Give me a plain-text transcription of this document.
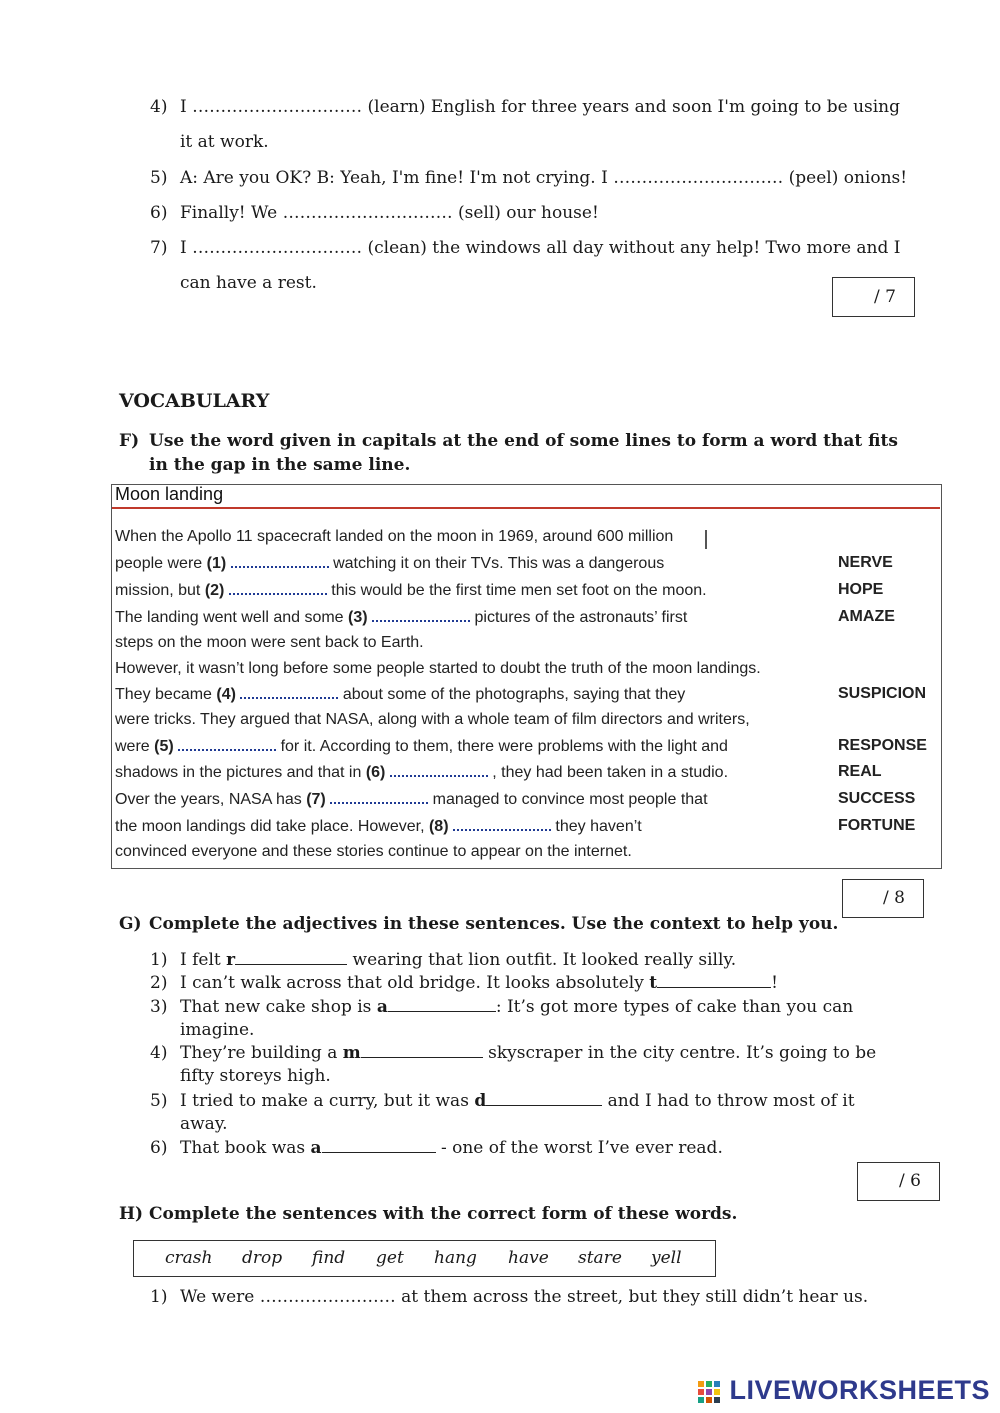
4) I ………………………… (learn) English for three years and soon I'm going to be using
it at work.
5) A: Are you OK? B: Yeah, I'm fine! I'm not crying. I ………………………… (peel) onions!
6) Finally! We ………………………… (sell) our house!
7) I ………………………… (clean) the windows all day without any help! Two more and I
can have a rest.
/ 7
VOCABULARY
F) Use the word given in capitals at the end of some lines to form a word that fits
in the gap in the same line.
Moon landing
When the Apollo 11 spacecraft landed on the moon in 1969, around 600 million
people were (1)	watching it on their TVs. This was a dangerous	NERVE
mission, but (2)	this would be the first time men set foot on the moon.	HOPE
The landing went well and some (3)	pictures of the astronauts’ first	AMAZE
steps on the moon were sent back to Earth.
However, it wasn’t long before some people started to doubt the truth of the moon landings.
They became (4)	about some of the photographs, saying that they	SUSPICION
were tricks. They argued that NASA, along with a whole team of film directors and writers,
were (5)	for it. According to them, there were problems with the light and	RESPONSE
shadows in the pictures and that in (6)	, they had been taken in a studio.	REAL
Over the years, NASA has (7)	managed to convince most people that	SUCCESS
the moon landings did take place. However, (8)	they haven’t	FORTUNE
convinced everyone and these stories continue to appear on the internet.
/ 8
G) Complete the adjectives in these sentences. Use the context to help you.
1) I felt r	wearing that lion outfit. It looked really silly.
2) I can’t walk across that old bridge. It looks absolutely t	!
3) That new cake shop is a	: It’s got more types of cake than you can
imagine.
4) They’re building a m	skyscraper in the city centre. It’s going to be
fifty storeys high.
5) I tried to make a curry, but it was d	and I had to throw most of it
away.
6) That book was a	- one of the worst I’ve ever read.
/ 6
H) Complete the sentences with the correct form of these words.
crash drop find get hang have stare yell
1) We were …………………… at them across the street, but they still didn’t hear us.
LIVEWORKSHEETS
